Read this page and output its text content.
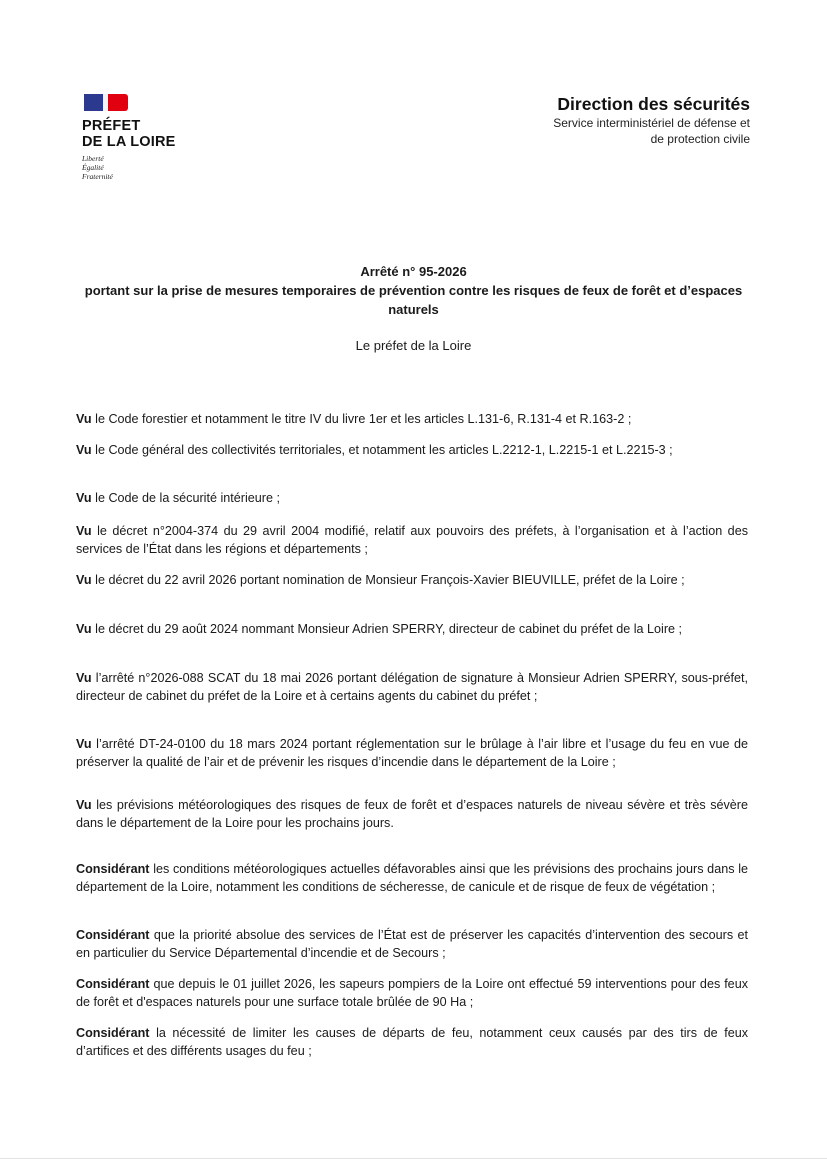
PRÉFET
DE LA LOIRE
Liberté
Égalité
Fraternité
Direction des sécurités
Service interministériel de défense et
de protection civile
Arrêté n° 95-2026
portant sur la prise de mesures temporaires de prévention contre les risques de feux de forêt et d’espaces naturels
Le préfet de la Loire
Vu le Code forestier et notamment le titre IV du livre 1er et les articles L.131-6, R.131-4 et R.163-2 ;
Vu le Code général des collectivités territoriales, et notamment les articles L.2212-1, L.2215-1 et L.2215-3 ;
Vu le Code de la sécurité intérieure ;
Vu le décret n°2004-374 du 29 avril 2004 modifié, relatif aux pouvoirs des préfets, à l’organisation et à l’action des services de l’État dans les régions et départements ;
Vu le décret du 22 avril 2026 portant nomination de Monsieur François-Xavier BIEUVILLE, préfet de la Loire ;
Vu le décret du 29 août 2024 nommant Monsieur Adrien SPERRY, directeur de cabinet du préfet de la Loire ;
Vu l’arrêté n°2026-088 SCAT du 18 mai 2026 portant délégation de signature à Monsieur Adrien SPERRY, sous-préfet, directeur de cabinet du préfet de la Loire et à certains agents du cabinet du préfet ;
Vu l’arrêté DT-24-0100 du 18 mars 2024 portant réglementation sur le brûlage à l’air libre et l’usage du feu en vue de préserver la qualité de l’air et de prévenir les risques d’incendie dans le département de la Loire ;
Vu les prévisions météorologiques des risques de feux de forêt et d’espaces naturels de niveau sévère et très sévère dans le département de la Loire pour les prochains jours.
Considérant les conditions météorologiques actuelles défavorables ainsi que les prévisions des prochains jours dans le département de la Loire, notamment les conditions de sécheresse, de canicule et de risque de feux de végétation ;
Considérant que la priorité absolue des services de l’État est de préserver les capacités d’intervention des secours et en particulier du Service Départemental d’incendie et de Secours ;
Considérant que depuis le 01 juillet 2026, les sapeurs pompiers de la Loire ont effectué 59 interventions pour des feux de forêt et d'espaces naturels pour une surface totale brûlée de 90 Ha ;
Considérant la nécessité de limiter les causes de départs de feu, notamment ceux causés par des tirs de feux d’artifices et des différents usages du feu ;
